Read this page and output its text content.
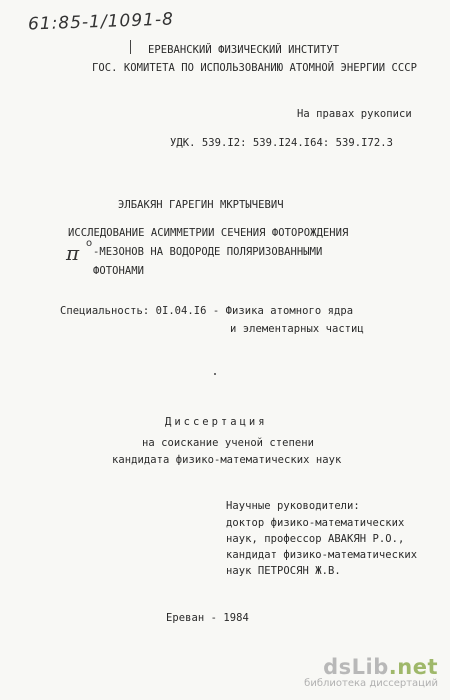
61:85-1/1091-8
ЕРЕВАНСКИЙ ФИЗИЧЕСКИЙ ИНСТИТУТ
ГОС. КОМИТЕТА ПО ИСПОЛЬЗОВАНИЮ АТОМНОЙ ЭНЕРГИИ СССР
На правах рукописи
УДК. 539.I2: 539.I24.I64: 539.I72.3
ЭЛБАКЯН ГАРЕГИН МКРТЫЧЕВИЧ
ИССЛЕДОВАНИЕ АСИММЕТРИИ СЕЧЕНИЯ ФОТОРОЖДЕНИЯ
π o
-МЕЗОНОВ НА ВОДОРОДЕ ПОЛЯРИЗОВАННЫМИ
ФОТОНАМИ
Специальность: 0I.04.I6 - Физика атомного ядра
и элементарных частиц
Диссертация
на соискание ученой степени
кандидата физико-математических наук
Научные руководители:
доктор физико-математических
наук, профессор АВАКЯН Р.О.,
кандидат физико-математических
наук ПЕТРОСЯН Ж.В.
Ереван - 1984
dsLib.net
библиотека диссертаций
